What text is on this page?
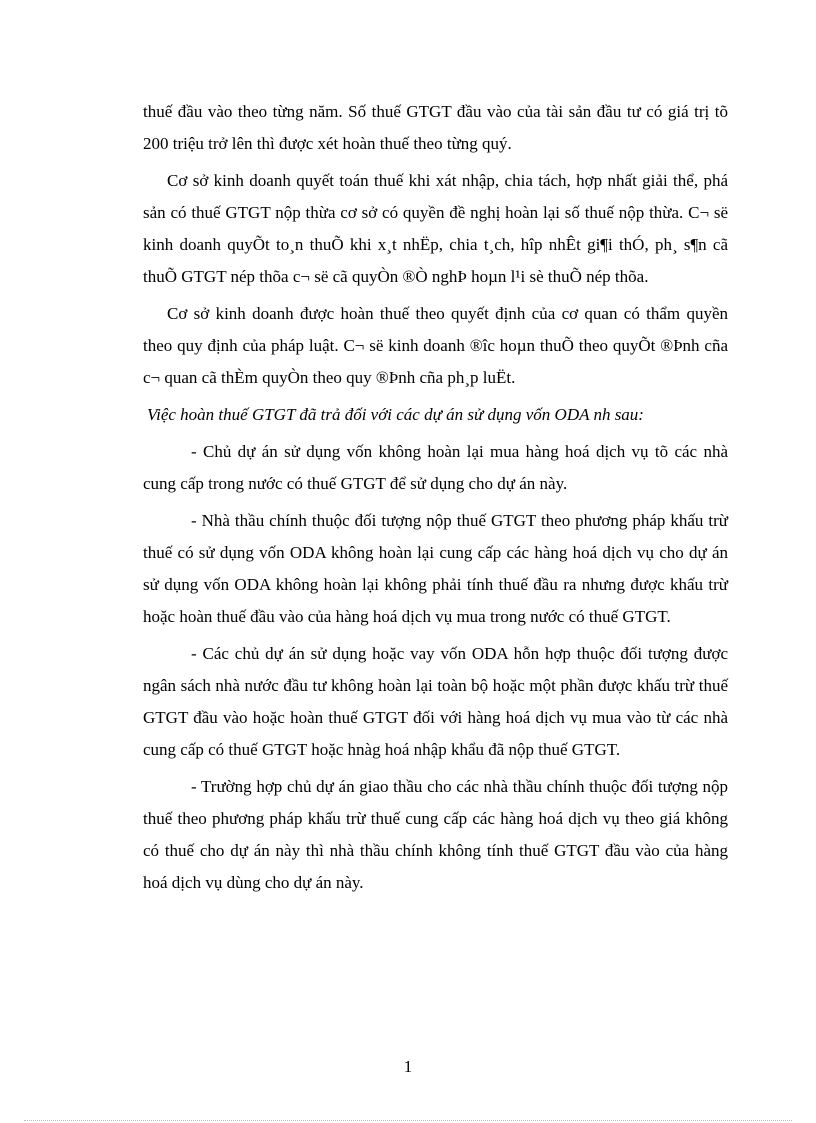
thuế đầu vào theo từng năm. Số thuế GTGT đầu vào của tài sản đầu tư có giá trị tõ 200 triệu trở lên thì được xét hoàn thuế theo từng quý.

Cơ sở kinh doanh quyết toán thuế khi xát nhập, chia tách, hợp nhất giải thể, phá sản có thuế GTGT nộp thừa cơ sở có quyền đề nghị hoàn lại số thuế nộp thừa. C¬ së kinh doanh quyÕt to¸n thuÕ khi x¸t nhËp, chia t¸ch, hîp nhÊt gi¶i thÓ, ph¸ s¶n cã thuÕ GTGT nép thõa c¬ së cã quyÒn ®Ò nghÞ hoµn l¹i sè thuÕ nép thõa.

Cơ sở kinh doanh được hoàn thuế theo quyết định của cơ quan có thẩm quyền theo quy định của pháp luật. C¬ së kinh doanh ®îc hoµn thuÕ theo quyÕt ®Þnh cña c¬ quan cã thÈm quyÒn theo quy ®Þnh cña ph¸p luËt.

Việc hoàn thuế GTGT đã trả đối với các dự án sử dụng vốn ODA nh sau:

- Chủ dự án sử dụng vốn không hoàn lại mua hàng hoá dịch vụ tõ các nhà cung cấp trong nước có thuế GTGT để sử dụng cho dự án này.

- Nhà thầu chính thuộc đối tượng nộp thuế GTGT theo phương pháp khấu trừ thuế có sử dụng vốn ODA không hoàn lại cung cấp các hàng hoá dịch vụ cho dự án sử dụng vốn ODA không hoàn lại không phải tính thuế đầu ra nhưng được khấu trừ hoặc hoàn thuế đầu vào của hàng hoá dịch vụ mua trong nước có thuế GTGT.

- Các chủ dự án sử dụng hoặc vay vốn ODA hỗn hợp thuộc đối tượng được ngân sách nhà nước đầu tư không hoàn lại toàn bộ hoặc một phần được khấu trừ thuế GTGT đầu vào hoặc hoàn thuế GTGT đối với hàng hoá dịch vụ mua vào từ các nhà cung cấp có thuế GTGT hoặc hnàg hoá nhập khẩu đã nộp thuế GTGT.

- Trường hợp chủ dự án giao thầu cho các nhà thầu chính thuộc đối tượng nộp thuế theo phương pháp khấu trừ thuế cung cấp các hàng hoá dịch vụ theo giá không có thuế cho dự án này thì nhà thầu chính không tính thuế GTGT đầu vào của hàng hoá dịch vụ dùng cho dự án này.

1
